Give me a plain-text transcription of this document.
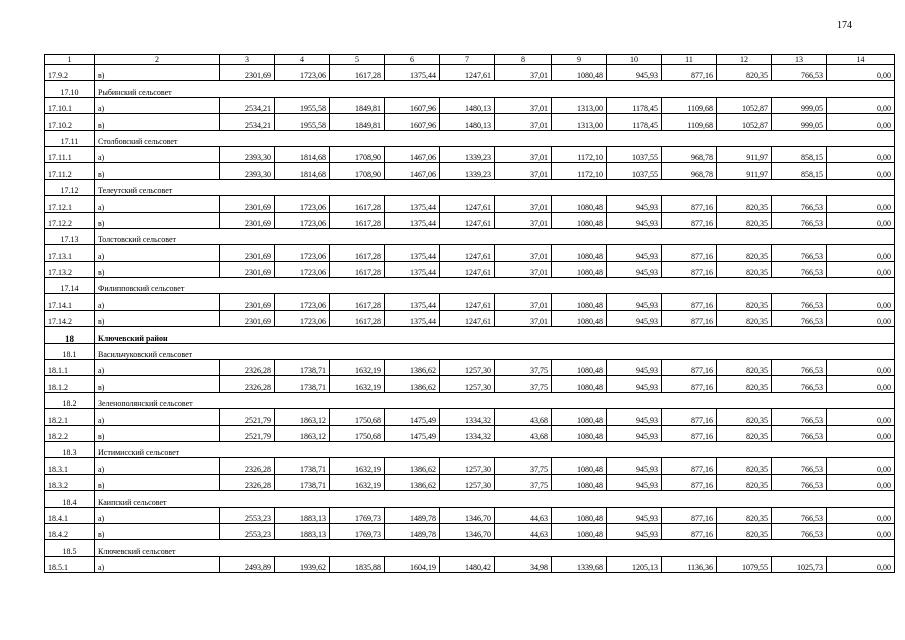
174
1	2	3	4	5	6	7	8	9	10	11	12	13	14
17.9.2	в)	2301,69	1723,06	1617,28	1375,44	1247,61	37,01	1080,48	945,93	877,16	820,35	766,53	0,00
17.10	Рыбинский сельсовет												
17.10.1	а)	2534,21	1955,58	1849,81	1607,96	1480,13	37,01	1313,00	1178,45	1109,68	1052,87	999,05	0,00
17.10.2	в)	2534,21	1955,58	1849,81	1607,96	1480,13	37,01	1313,00	1178,45	1109,68	1052,87	999,05	0,00
17.11	Столбовский сельсовет												
17.11.1	а)	2393,30	1814,68	1708,90	1467,06	1339,23	37,01	1172,10	1037,55	968,78	911,97	858,15	0,00
17.11.2	в)	2393,30	1814,68	1708,90	1467,06	1339,23	37,01	1172,10	1037,55	968,78	911,97	858,15	0,00
17.12	Телеутский сельсовет												
17.12.1	а)	2301,69	1723,06	1617,28	1375,44	1247,61	37,01	1080,48	945,93	877,16	820,35	766,53	0,00
17.12.2	в)	2301,69	1723,06	1617,28	1375,44	1247,61	37,01	1080,48	945,93	877,16	820,35	766,53	0,00
17.13	Толстовский сельсовет												
17.13.1	а)	2301,69	1723,06	1617,28	1375,44	1247,61	37,01	1080,48	945,93	877,16	820,35	766,53	0,00
17.13.2	в)	2301,69	1723,06	1617,28	1375,44	1247,61	37,01	1080,48	945,93	877,16	820,35	766,53	0,00
17.14	Филипповский сельсовет												
17.14.1	а)	2301,69	1723,06	1617,28	1375,44	1247,61	37,01	1080,48	945,93	877,16	820,35	766,53	0,00
17.14.2	в)	2301,69	1723,06	1617,28	1375,44	1247,61	37,01	1080,48	945,93	877,16	820,35	766,53	0,00
18	Ключевский район												
18.1	Васильчуковский сельсовет												
18.1.1	а)	2326,28	1738,71	1632,19	1386,62	1257,30	37,75	1080,48	945,93	877,16	820,35	766,53	0,00
18.1.2	в)	2326,28	1738,71	1632,19	1386,62	1257,30	37,75	1080,48	945,93	877,16	820,35	766,53	0,00
18.2	Зеленополянский сельсовет												
18.2.1	а)	2521,79	1863,12	1750,68	1475,49	1334,32	43,68	1080,48	945,93	877,16	820,35	766,53	0,00
18.2.2	в)	2521,79	1863,12	1750,68	1475,49	1334,32	43,68	1080,48	945,93	877,16	820,35	766,53	0,00
18.3	Истимисский сельсовет												
18.3.1	а)	2326,28	1738,71	1632,19	1386,62	1257,30	37,75	1080,48	945,93	877,16	820,35	766,53	0,00
18.3.2	в)	2326,28	1738,71	1632,19	1386,62	1257,30	37,75	1080,48	945,93	877,16	820,35	766,53	0,00
18.4	Каипский сельсовет												
18.4.1	а)	2553,23	1883,13	1769,73	1489,78	1346,70	44,63	1080,48	945,93	877,16	820,35	766,53	0,00
18.4.2	в)	2553,23	1883,13	1769,73	1489,78	1346,70	44,63	1080,48	945,93	877,16	820,35	766,53	0,00
18.5	Ключевский сельсовет												
18.5.1	а)	2493,89	1939,62	1835,88	1604,19	1480,42	34,98	1339,68	1205,13	1136,36	1079,55	1025,73	0,00
